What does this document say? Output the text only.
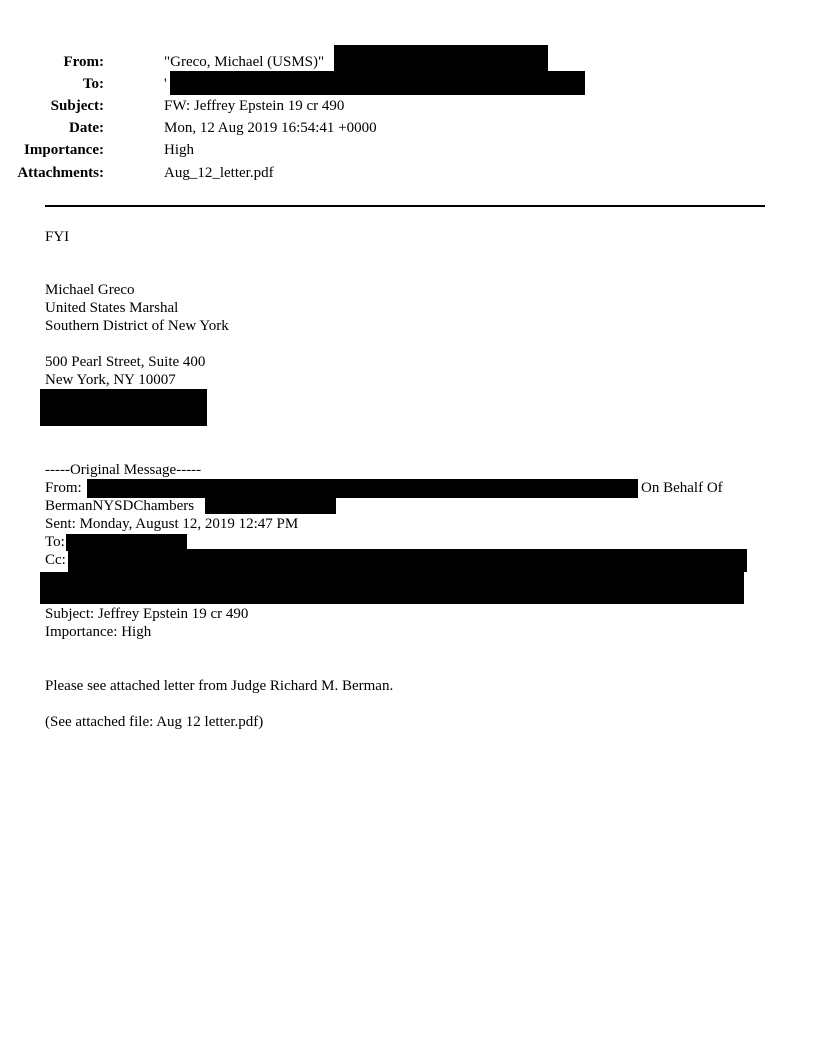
From:	"Greco, Michael (USMS)"
To:	'
Subject:	FW: Jeffrey Epstein 19 cr 490
Date:	Mon, 12 Aug 2019 16:54:41 +0000
Importance:	High
Attachments:	Aug_12_letter.pdf
FYI
Michael Greco
United States Marshal
Southern District of New York
500 Pearl Street, Suite 400
New York, NY 10007
-----Original Message-----
From:	On Behalf Of
BermanNYSDChambers
Sent: Monday, August 12, 2019 12:47 PM
To:
Cc:
Subject: Jeffrey Epstein 19 cr 490
Importance: High
Please see attached letter from Judge Richard M. Berman.
(See attached file: Aug 12 letter.pdf)
